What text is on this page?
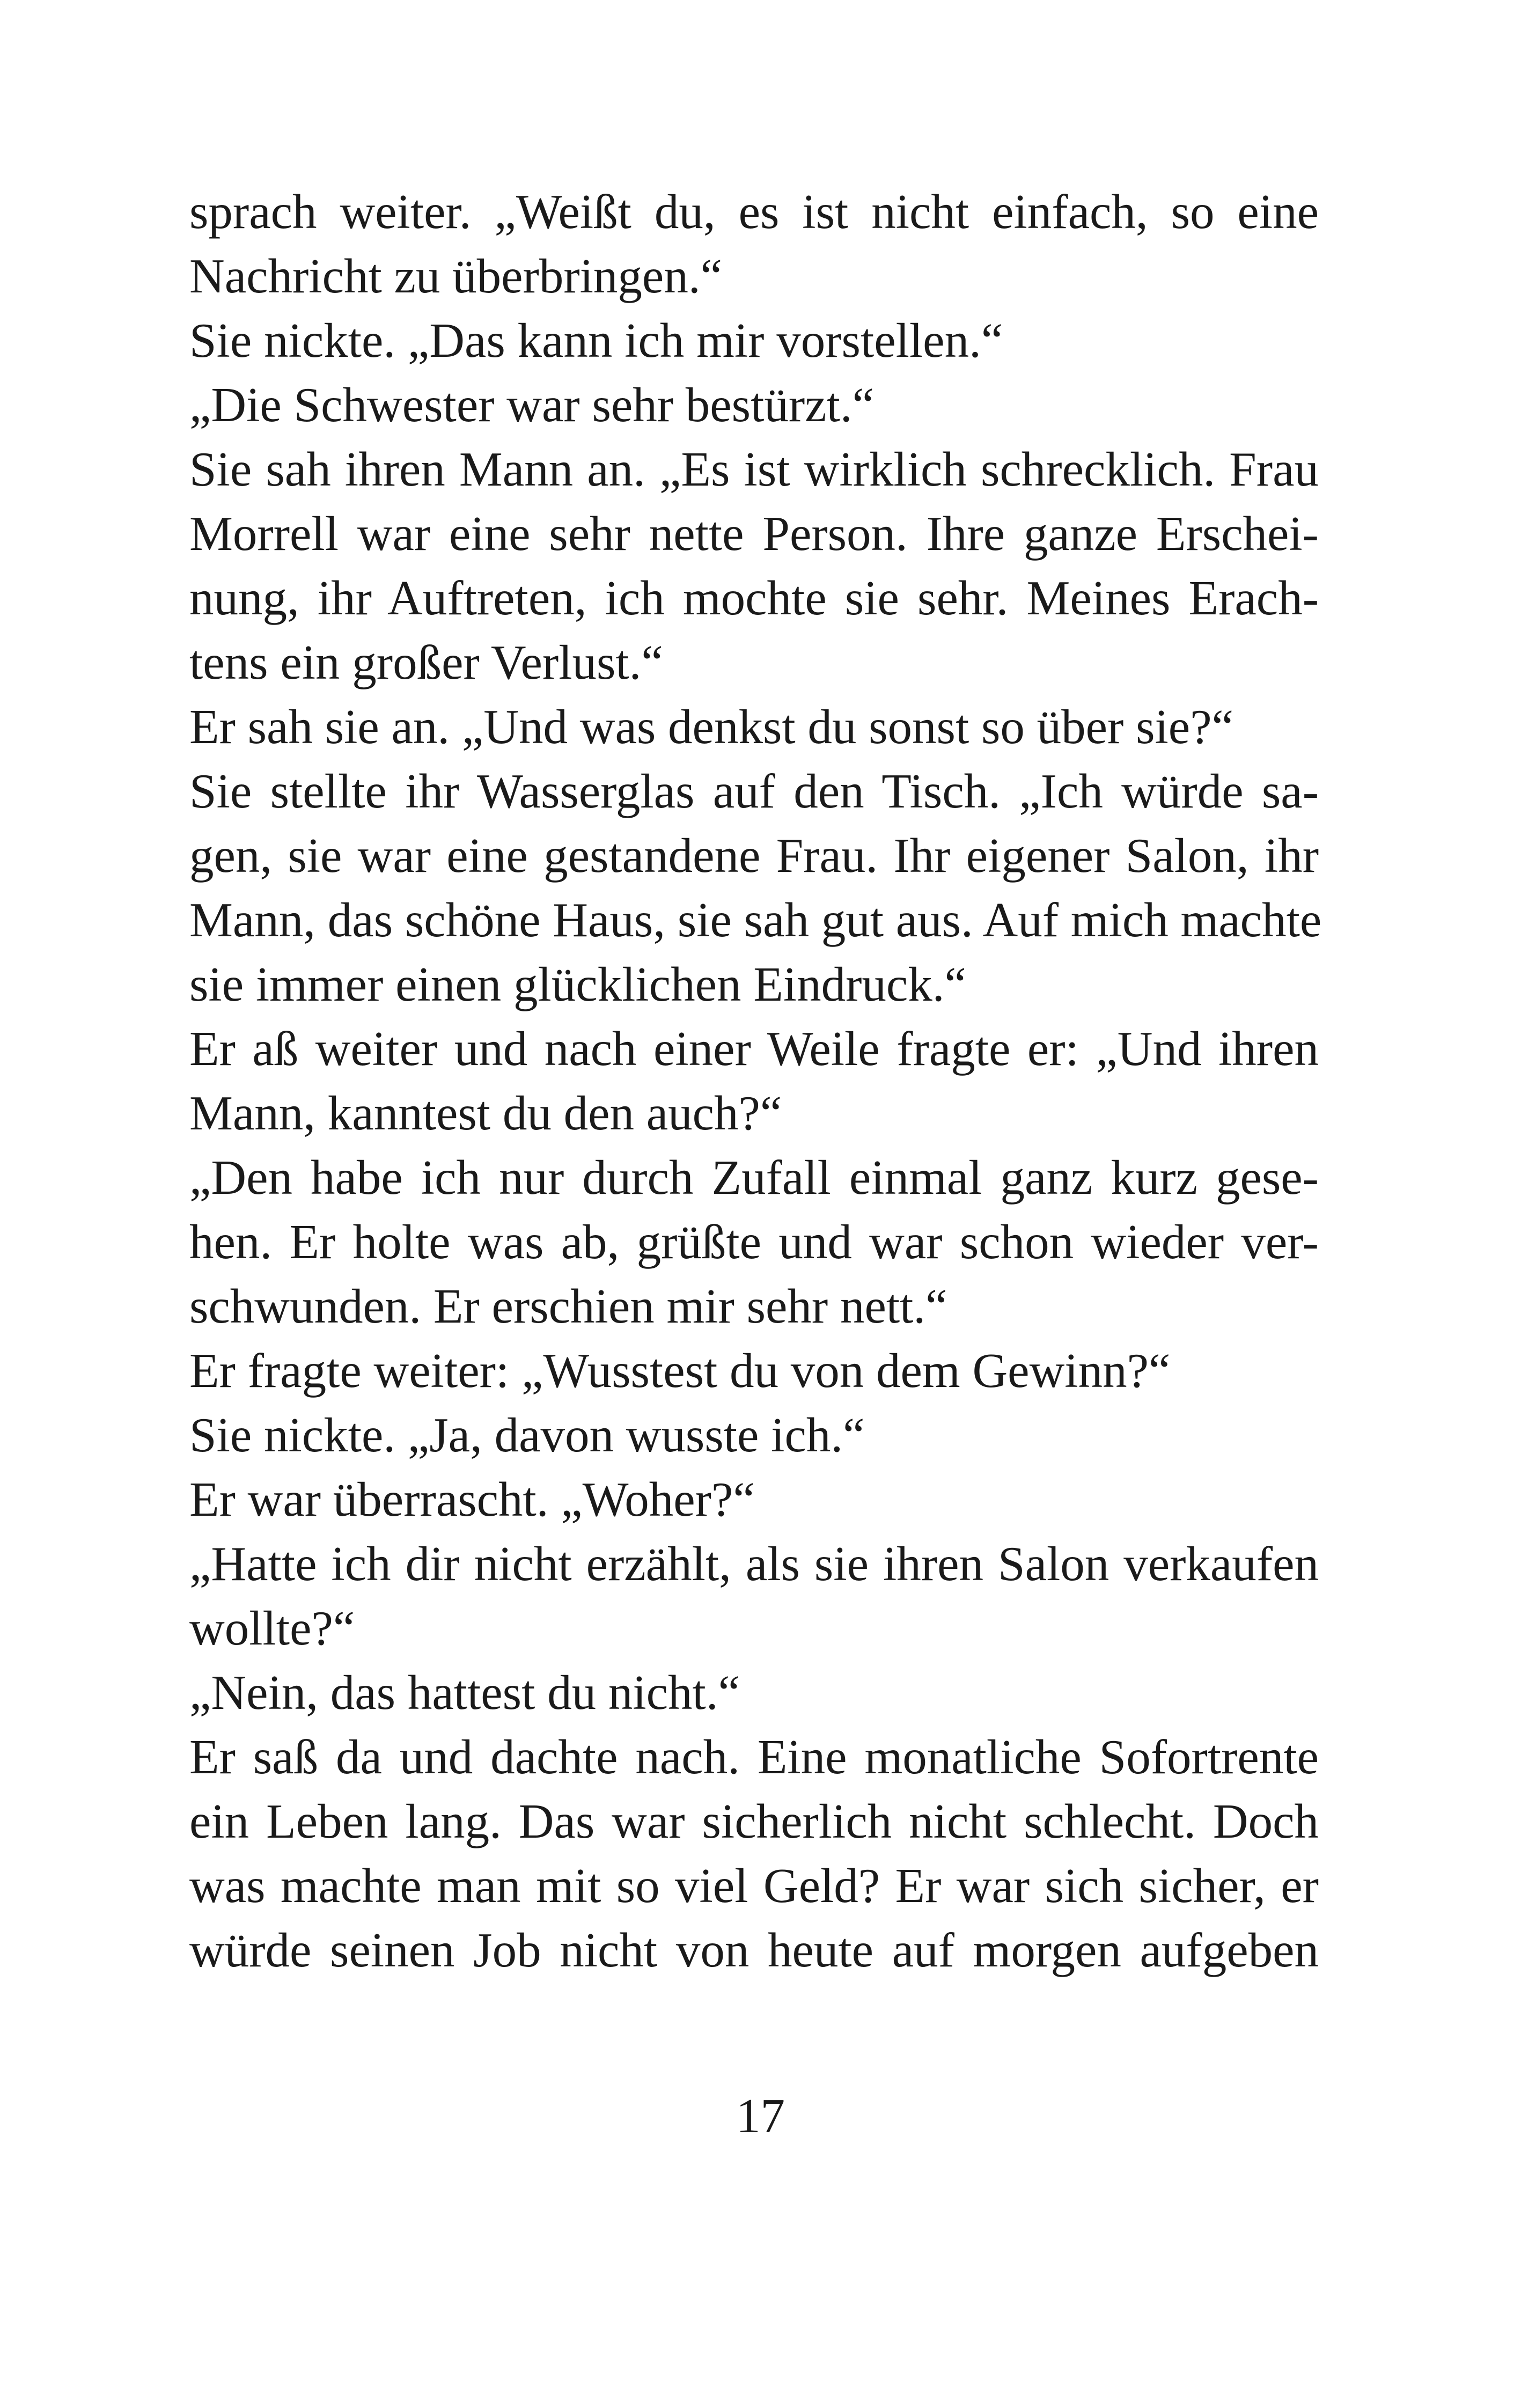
sprach weiter. „Weißt du, es ist nicht einfach, so eine
Nachricht zu überbringen.“
Sie nickte. „Das kann ich mir vorstellen.“
„Die Schwester war sehr bestürzt.“
Sie sah ihren Mann an. „Es ist wirklich schrecklich. Frau
Morrell war eine sehr nette Person. Ihre ganze Erschei-
nung, ihr Auftreten, ich mochte sie sehr. Meines Erach-
tens ein großer Verlust.“
Er sah sie an. „Und was denkst du sonst so über sie?“
Sie stellte ihr Wasserglas auf den Tisch. „Ich würde sa-
gen, sie war eine gestandene Frau. Ihr eigener Salon, ihr
Mann, das schöne Haus, sie sah gut aus. Auf mich machte
sie immer einen glücklichen Eindruck.“
Er aß weiter und nach einer Weile fragte er: „Und ihren
Mann, kanntest du den auch?“
„Den habe ich nur durch Zufall einmal ganz kurz gese-
hen. Er holte was ab, grüßte und war schon wieder ver-
schwunden. Er erschien mir sehr nett.“
Er fragte weiter: „Wusstest du von dem Gewinn?“
Sie nickte. „Ja, davon wusste ich.“
Er war überrascht. „Woher?“
„Hatte ich dir nicht erzählt, als sie ihren Salon verkaufen
wollte?“
„Nein, das hattest du nicht.“
Er saß da und dachte nach. Eine monatliche Sofortrente
ein Leben lang. Das war sicherlich nicht schlecht. Doch
was machte man mit so viel Geld? Er war sich sicher, er
würde seinen Job nicht von heute auf morgen aufgeben
17
